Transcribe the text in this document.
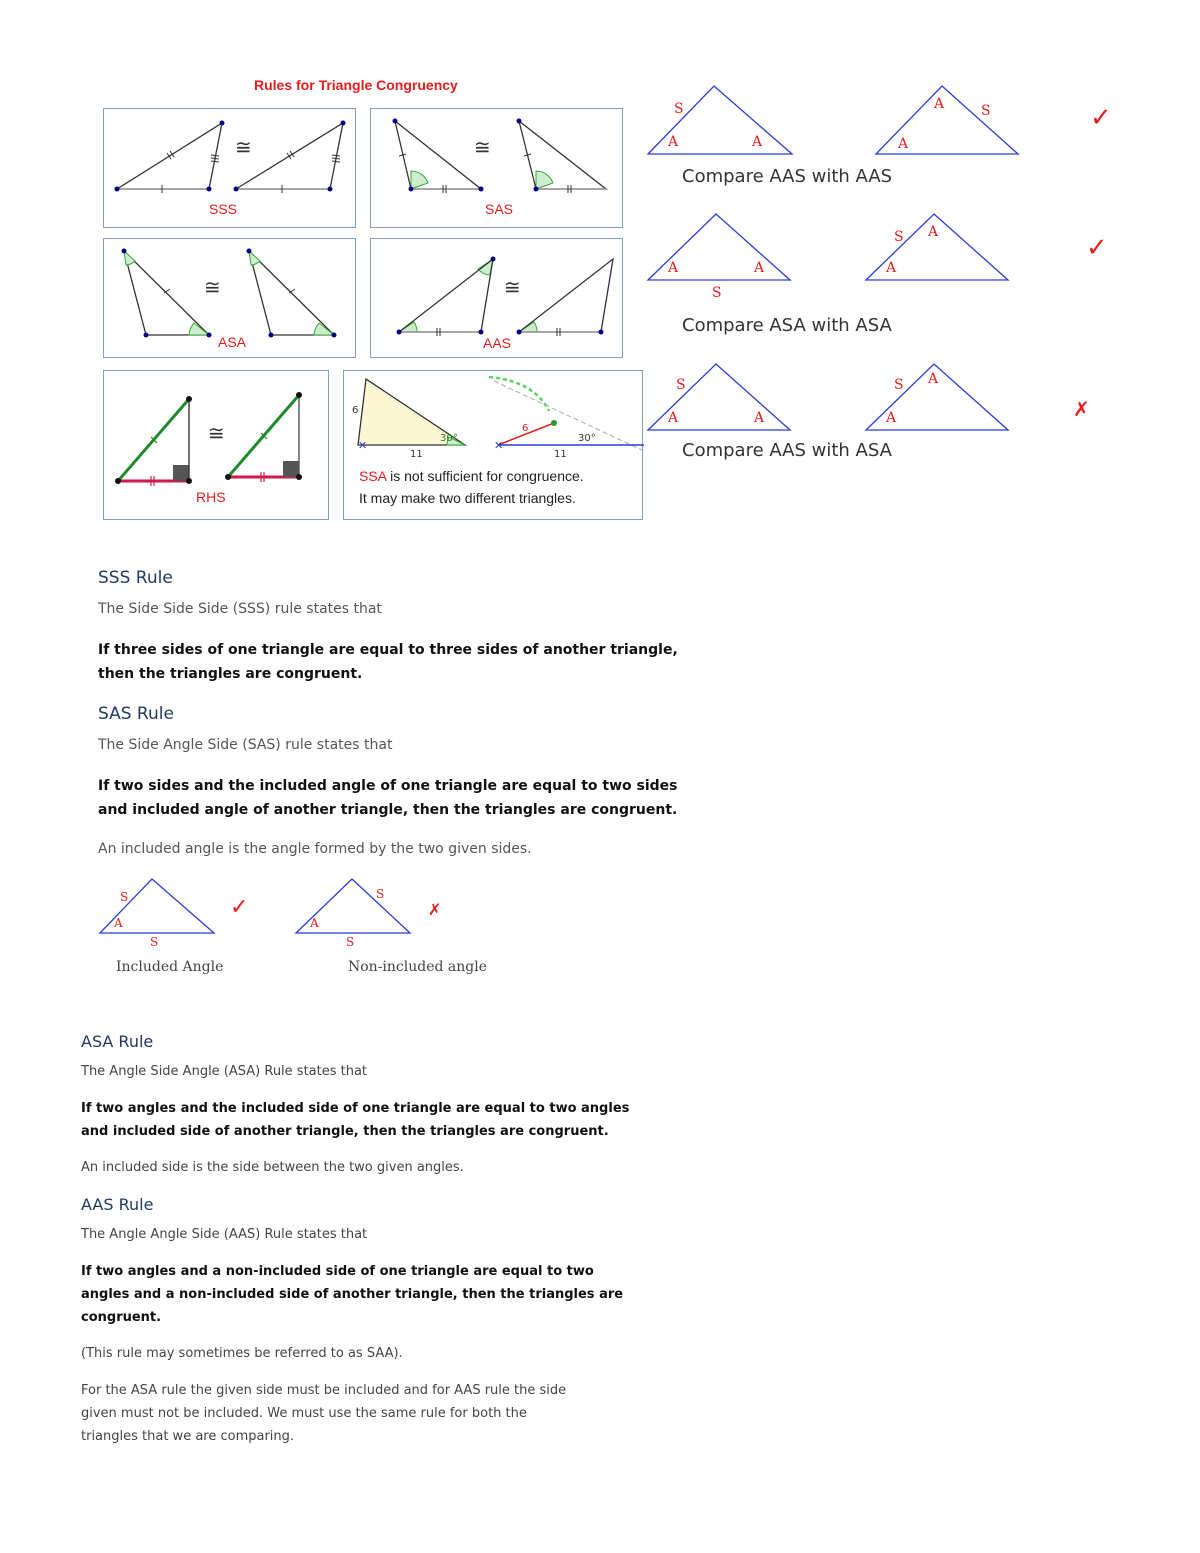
Rules for Triangle Congruency
≅
SSS
≅
SAS
≅
ASA
≅
AAS
≅
RHS
6
11
30°
✕
6
11
30°
✕
SSA is not sufficient for congruence.
It may make two different triangles.
S
A	A
A	S
A
A	A
S
S A
A
S
A	A
S A
A
✓
✓
✗
Compare AAS with AAS
Compare ASA with ASA
Compare AAS with ASA
SSS Rule
The Side Side Side (SSS) rule states that
If three sides of one triangle are equal to three sides of another triangle,
then the triangles are congruent.
SAS Rule
The Side Angle Side (SAS) rule states that
If two sides and the included angle of one triangle are equal to two sides
and included angle of another triangle, then the triangles are congruent.
An included angle is the angle formed by the two given sides.
S
A
S
S
A
S
✓	✗
Included Angle	Non-included angle
ASA Rule
The Angle Side Angle (ASA) Rule states that
If two angles and the included side of one triangle are equal to two angles
and included side of another triangle, then the triangles are congruent.
An included side is the side between the two given angles.
AAS Rule
The Angle Angle Side (AAS) Rule states that
If two angles and a non-included side of one triangle are equal to two
angles and a non-included side of another triangle, then the triangles are
congruent.
(This rule may sometimes be referred to as SAA).
For the ASA rule the given side must be included and for AAS rule the side
given must not be included. We must use the same rule for both the
triangles that we are comparing.
